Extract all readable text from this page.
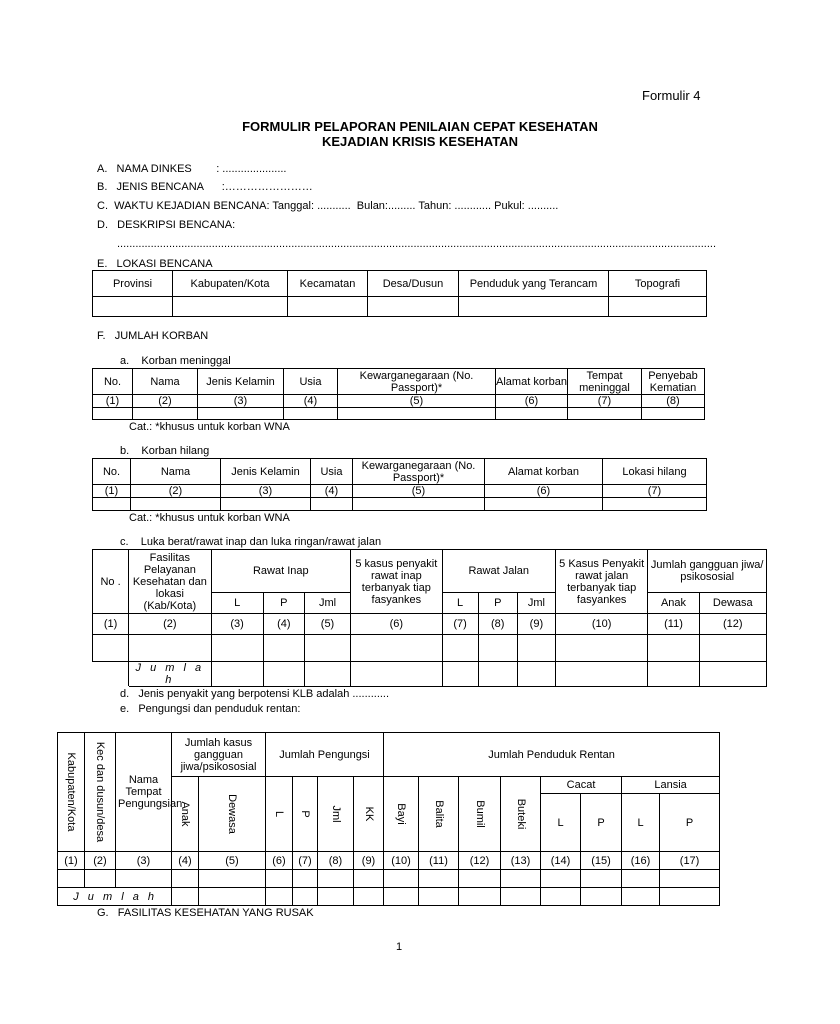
Formulir 4
FORMULIR PELAPORAN PENILAIAN CEPAT KESEHATAN
KEJADIAN KRISIS KESEHATAN
A.   NAMA DINKES        : .....................
B.   JENIS BENCANA      :……………………
C.  WAKTU KEJADIAN BENCANA: Tanggal: ...........  Bulan:......... Tahun: ............ Pukul: ..........
D.   DESKRIPSI BENCANA:
....................................................................................................................................................................................................
E.   LOKASI BENCANA
Provinsi	Kabupaten/Kota	Kecamatan	Desa/Dusun	Penduduk yang Terancam	Topografi

F.   JUMLAH KORBAN
a.    Korban meninggal
No.	Nama	Jenis Kelamin	Usia	Kewarganegaraan (No. Passport)*	Alamat korban	Tempat meninggal	Penyebab Kematian
(1)	(2)	(3)	(4)	(5)	(6)	(7)	(8)

Cat.: *khusus untuk korban WNA
b.    Korban hilang
No.	Nama	Jenis Kelamin	Usia	Kewarganegaraan (No. Passport)*	Alamat korban	Lokasi hilang
(1)	(2)	(3)	(4)	(5)	(6)	(7)

Cat.: *khusus untuk korban WNA
c.    Luka berat/rawat inap dan luka ringan/rawat jalan
No .	Fasilitas Pelayanan Kesehatan dan lokasi (Kab/Kota)	Rawat Inap			5 kasus penyakit rawat inap terbanyak tiap fasyankes	Rawat Jalan			5 Kasus Penyakit rawat jalan terbanyak tiap fasyankes	Jumlah gangguan jiwa/ psikososial	
		L	P	Jml		L	P	Jml		Anak	Dewasa
(1)	(2)	(3)	(4)	(5)	(6)	(7)	(8)	(9)	(10)	(11)	(12)

	J u m l a h										
d.   Jenis penyakit yang berpotensi KLB adalah ............
e.   Pengungsi dan penduduk rentan:
Kabupaten/Kota	Kec dan dusun/desa	Nama Tempat Pengungsian	Jumlah kasus gangguan jiwa/psikososial		Jumlah Pengungsi				Jumlah Penduduk Rentan							

			Anak	Dewasa	L	P	Jml	KK	Bayi	Balita	Bumil	Buteki	Cacat		Lansia	
													L	P	L	P
(1)	(2)	(3)	(4)	(5)	(6)	(7)	(8)	(9)	(10)	(11)	(12)	(13)	(14)	(15)	(16)	(17)

J u m l a h																
G.   FASILITAS KESEHATAN YANG RUSAK
1
